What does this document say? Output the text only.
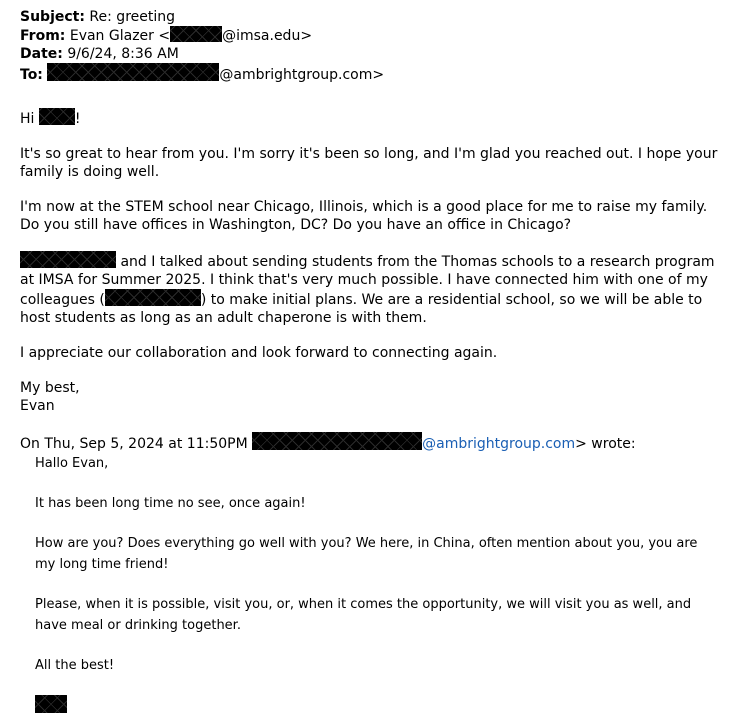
Subject: Re: greeting
From: Evan Glazer <	@imsa.edu>
Date: 9/6/24, 8:36 AM
To:	@ambrightgroup.com>

Hi	!

It's so great to hear from you. I'm sorry it's been so long, and I'm glad you reached out. I hope your family is doing well.

I'm now at the STEM school near Chicago, Illinois, which is a good place for me to raise my family. Do you still have offices in Washington, DC? Do you have an office in Chicago?

and I talked about sending students from the Thomas schools to a research program at IMSA for Summer 2025. I think that's very much possible. I have connected him with one of my colleagues (	) to make initial plans. We are a residential school, so we will be able to host students as long as an adult chaperone is with them.

I appreciate our collaboration and look forward to connecting again.

My best,

Evan

On Thu, Sep 5, 2024 at 11:50PM	@ambrightgroup.com> wrote:

Hallo Evan,

It has been long time no see, once again!

How are you? Does everything go well with you? We here, in China, often mention about you, you are my long time friend!

Please, when it is possible, visit you, or, when it comes the opportunity, we will visit you as well, and have meal or drinking together.

All the best!
